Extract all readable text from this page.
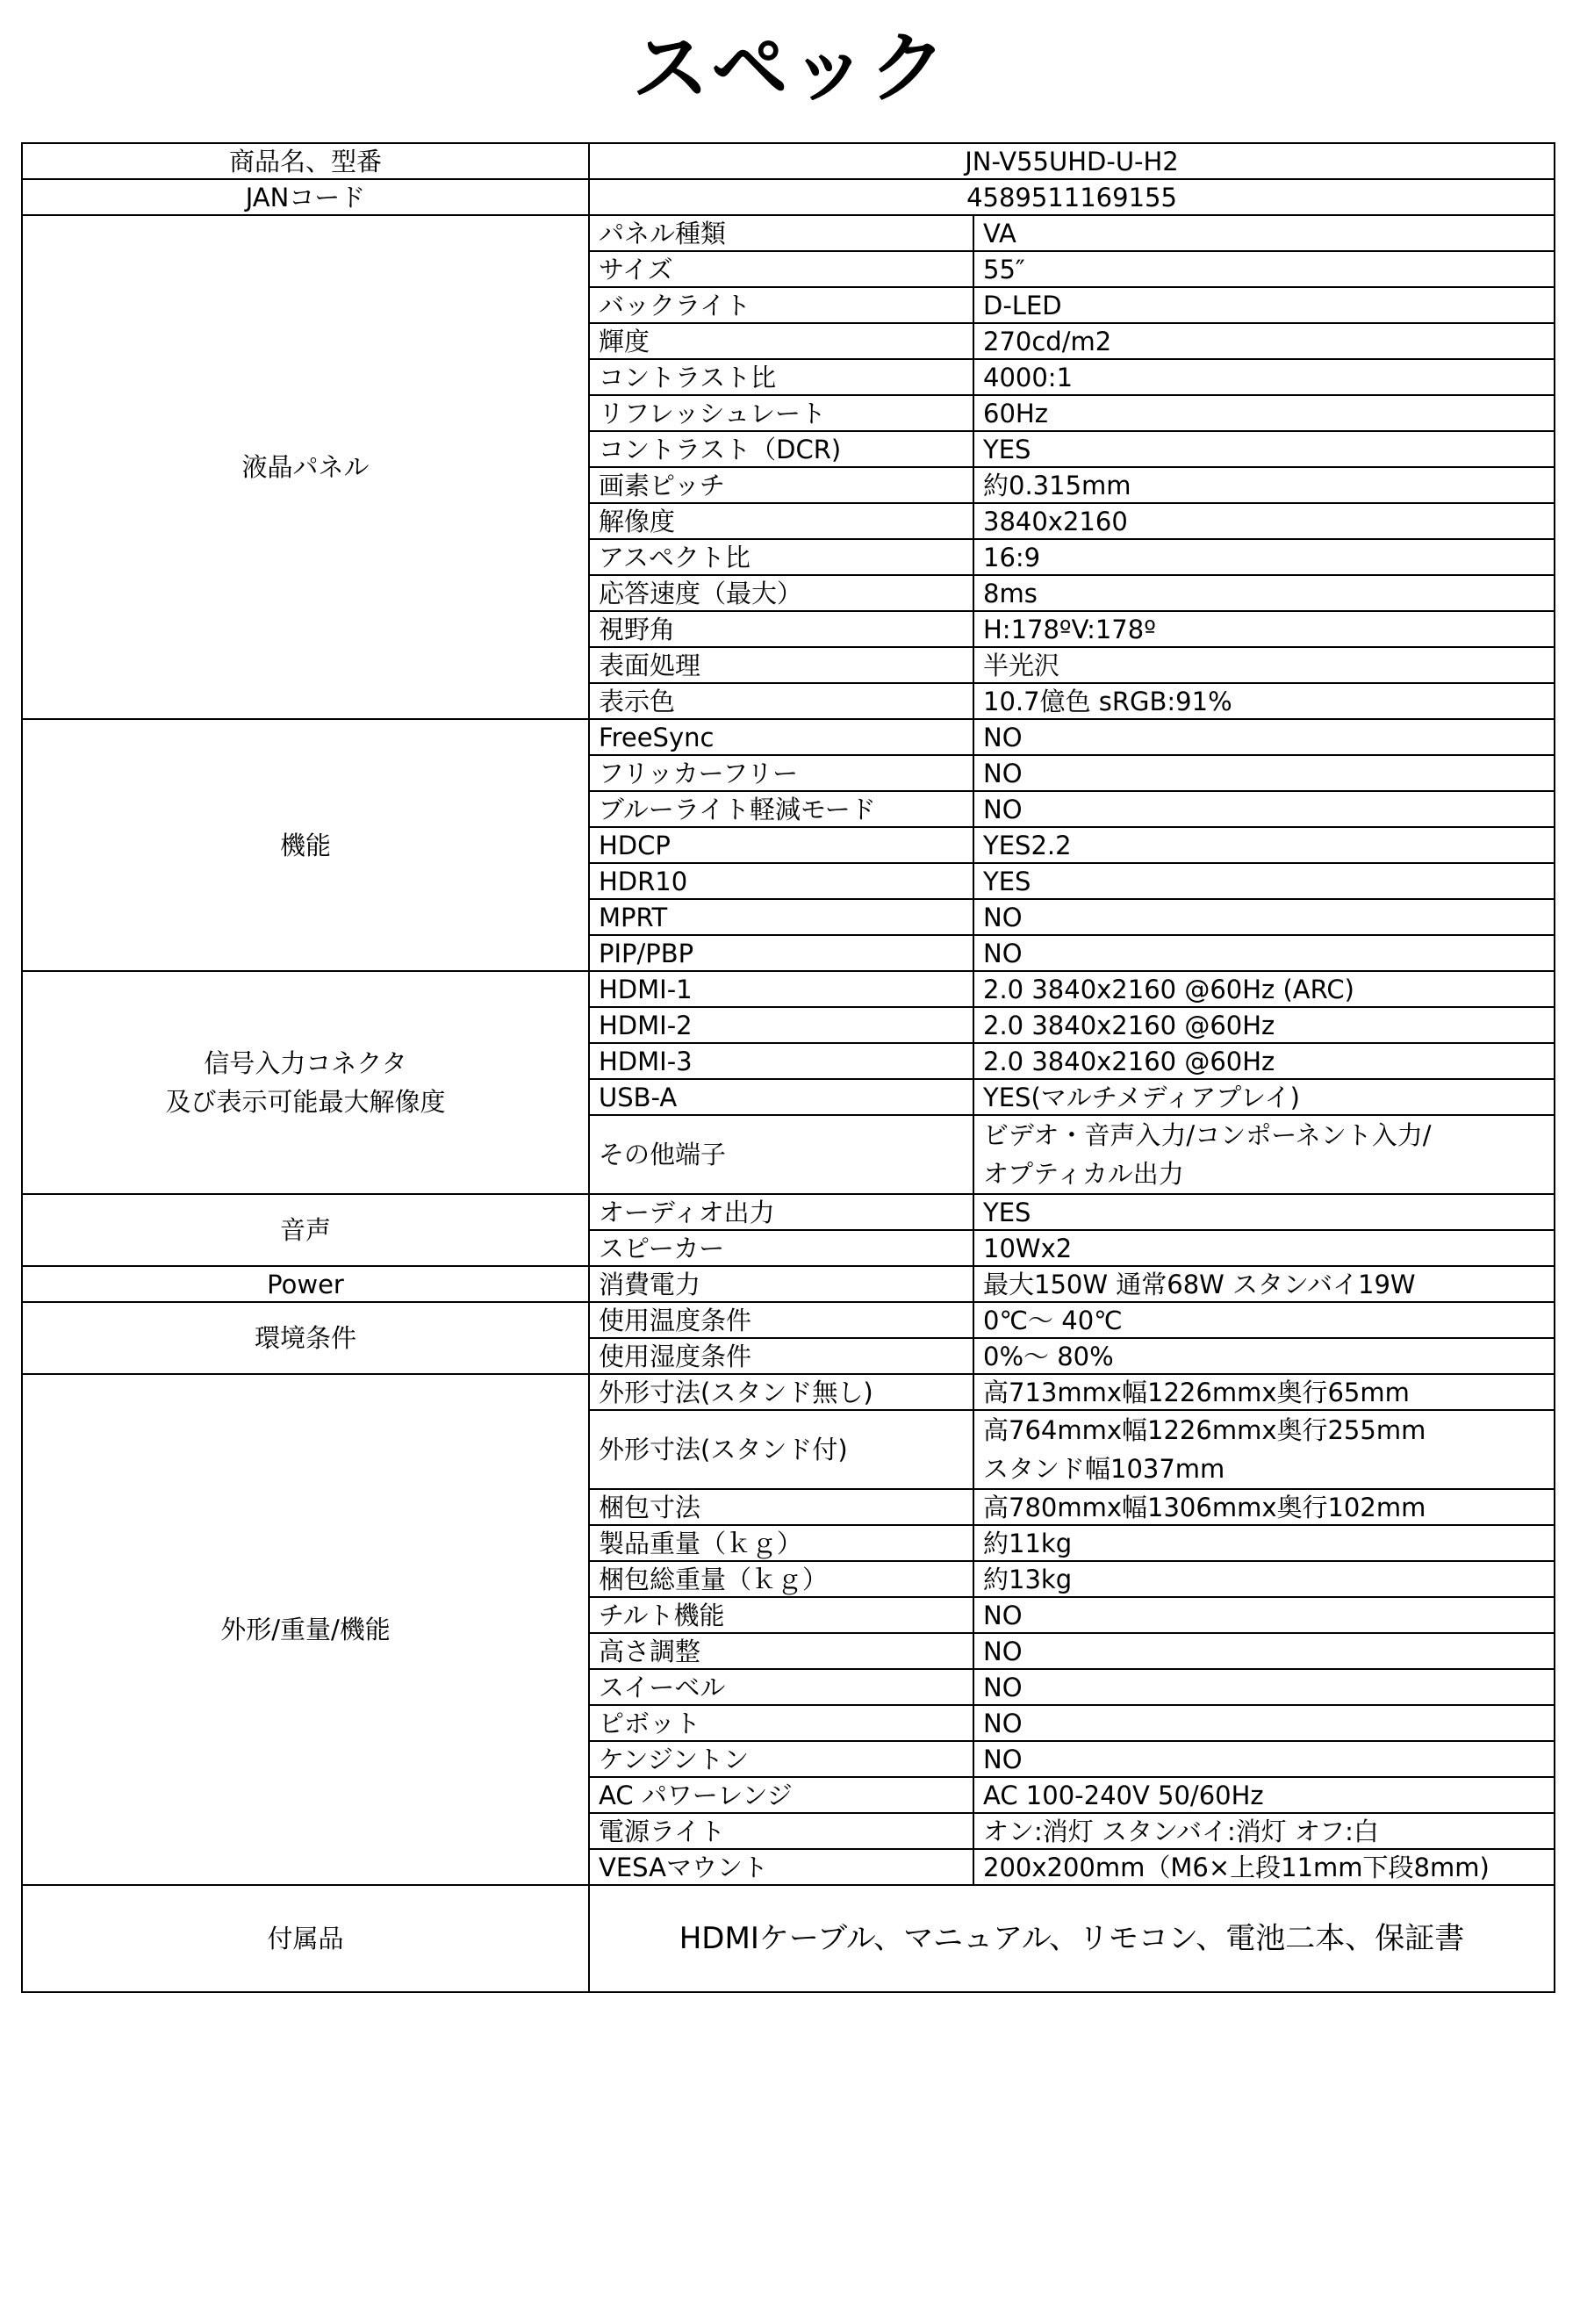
スペック
商品名、型番	JN-V55UHD-U-H2	
JANコード	4589511169155	
液晶パネル	パネル種類	VA
	サイズ	55″
	バックライト	D-LED
	輝度	270cd/m2
	コントラスト比	4000:1
	リフレッシュレート	60Hz
	コントラスト（DCR)	YES
	画素ピッチ	約0.315mm
	解像度	3840x2160
	アスペクト比	16:9
	応答速度（最大）	8ms
	視野角	H:178ºV:178º
	表面処理	半光沢
	表示色	10.7億色 sRGB:91%
機能	FreeSync	NO
	フリッカーフリー	NO
	ブルーライト軽減モード	NO
	HDCP	YES2.2
	HDR10	YES
	MPRT	NO
	PIP/PBP	NO
信号入力コネクタ
及び表示可能最大解像度	HDMI-1	2.0 3840x2160 @60Hz (ARC)
	HDMI-2	2.0 3840x2160 @60Hz
	HDMI-3	2.0 3840x2160 @60Hz
	USB-A	YES(マルチメディアプレイ)
	その他端子	ビデオ・音声入力/コンポーネント入力/
オプティカル出力
音声	オーディオ出力	YES
	スピーカー	10Wx2
Power	消費電力	最大150W 通常68W スタンバイ19W
環境条件	使用温度条件	0℃～ 40℃
	使用湿度条件	0%～ 80%
外形/重量/機能	外形寸法(スタンド無し)	高713mmx幅1226mmx奥行65mm
	外形寸法(スタンド付)	高764mmx幅1226mmx奥行255mm
スタンド幅1037mm
	梱包寸法	高780mmx幅1306mmx奥行102mm
	製品重量（ｋｇ）	約11kg
	梱包総重量（ｋｇ）	約13kg
	チルト機能	NO
	高さ調整	NO
	スイーベル	NO
	ピボット	NO
	ケンジントン	NO
	AC パワーレンジ	AC 100-240V 50/60Hz
	電源ライト	オン:消灯 スタンバイ:消灯 オフ:白
	VESAマウント	200x200mm（M6×上段11mm下段8mm)
付属品	HDMIケーブル、マニュアル、リモコン、電池二本、保証書	
